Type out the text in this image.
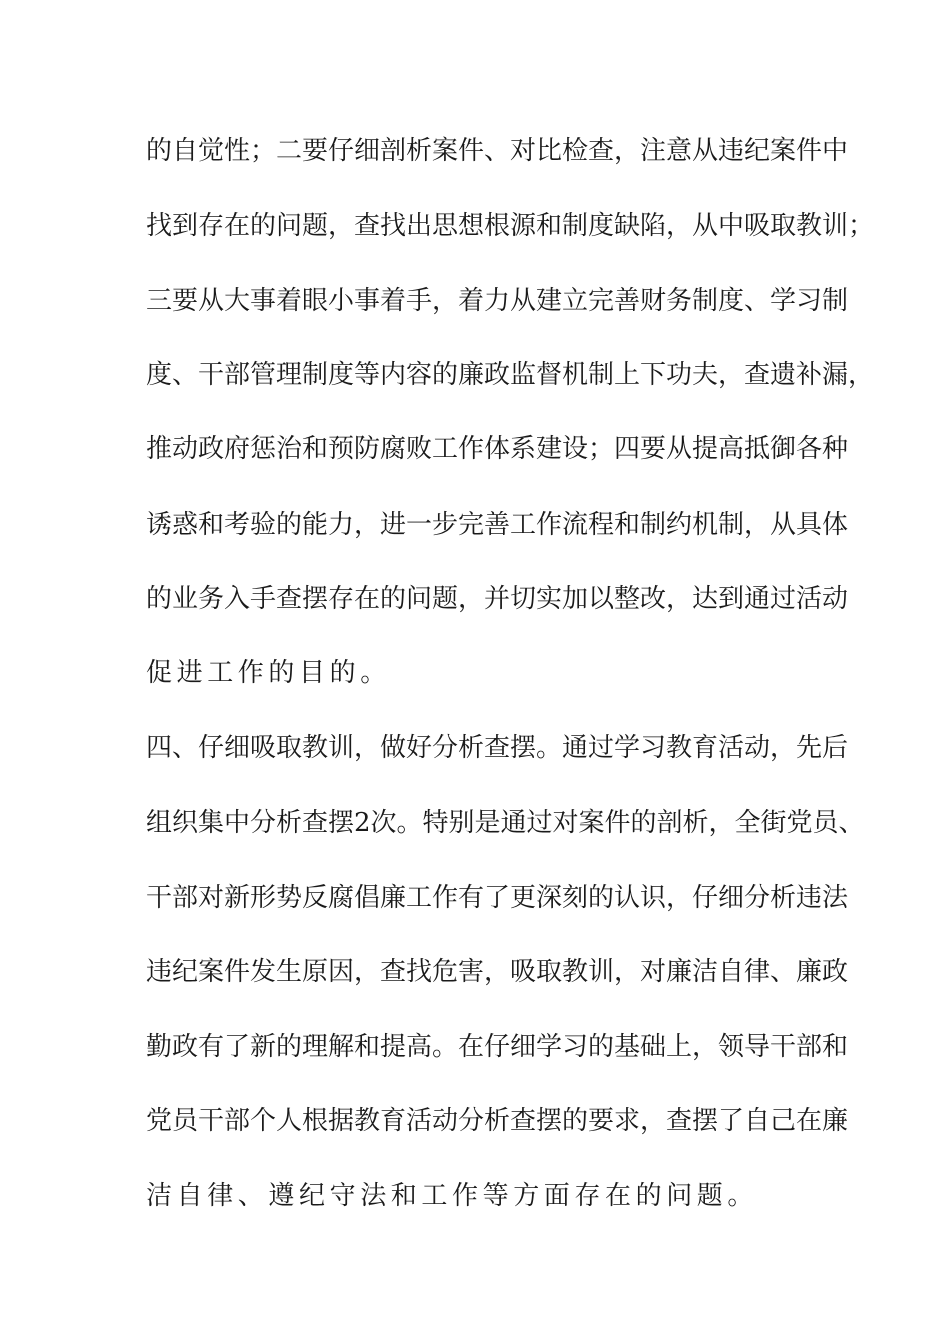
的自觉性；二要仔细剖析案件、对比检查，注意从违纪案件中
找到存在的问题，查找出思想根源和制度缺陷，从中吸取教训；
三要从大事着眼小事着手，着力从建立完善财务制度、学习制
度、干部管理制度等内容的廉政监督机制上下功夫，查遗补漏，
推动政府惩治和预防腐败工作体系建设；四要从提高抵御各种
诱惑和考验的能力，进一步完善工作流程和制约机制，从具体
的业务入手查摆存在的问题，并切实加以整改，达到通过活动
促进工作的目的。
四、仔细吸取教训，做好分析查摆。通过学习教育活动，先后
组织集中分析查摆2次。特别是通过对案件的剖析，全街党员、
干部对新形势反腐倡廉工作有了更深刻的认识，仔细分析违法
违纪案件发生原因，查找危害，吸取教训，对廉洁自律、廉政
勤政有了新的理解和提高。在仔细学习的基础上，领导干部和
党员干部个人根据教育活动分析查摆的要求，查摆了自己在廉
洁自律、遵纪守法和工作等方面存在的问题。
